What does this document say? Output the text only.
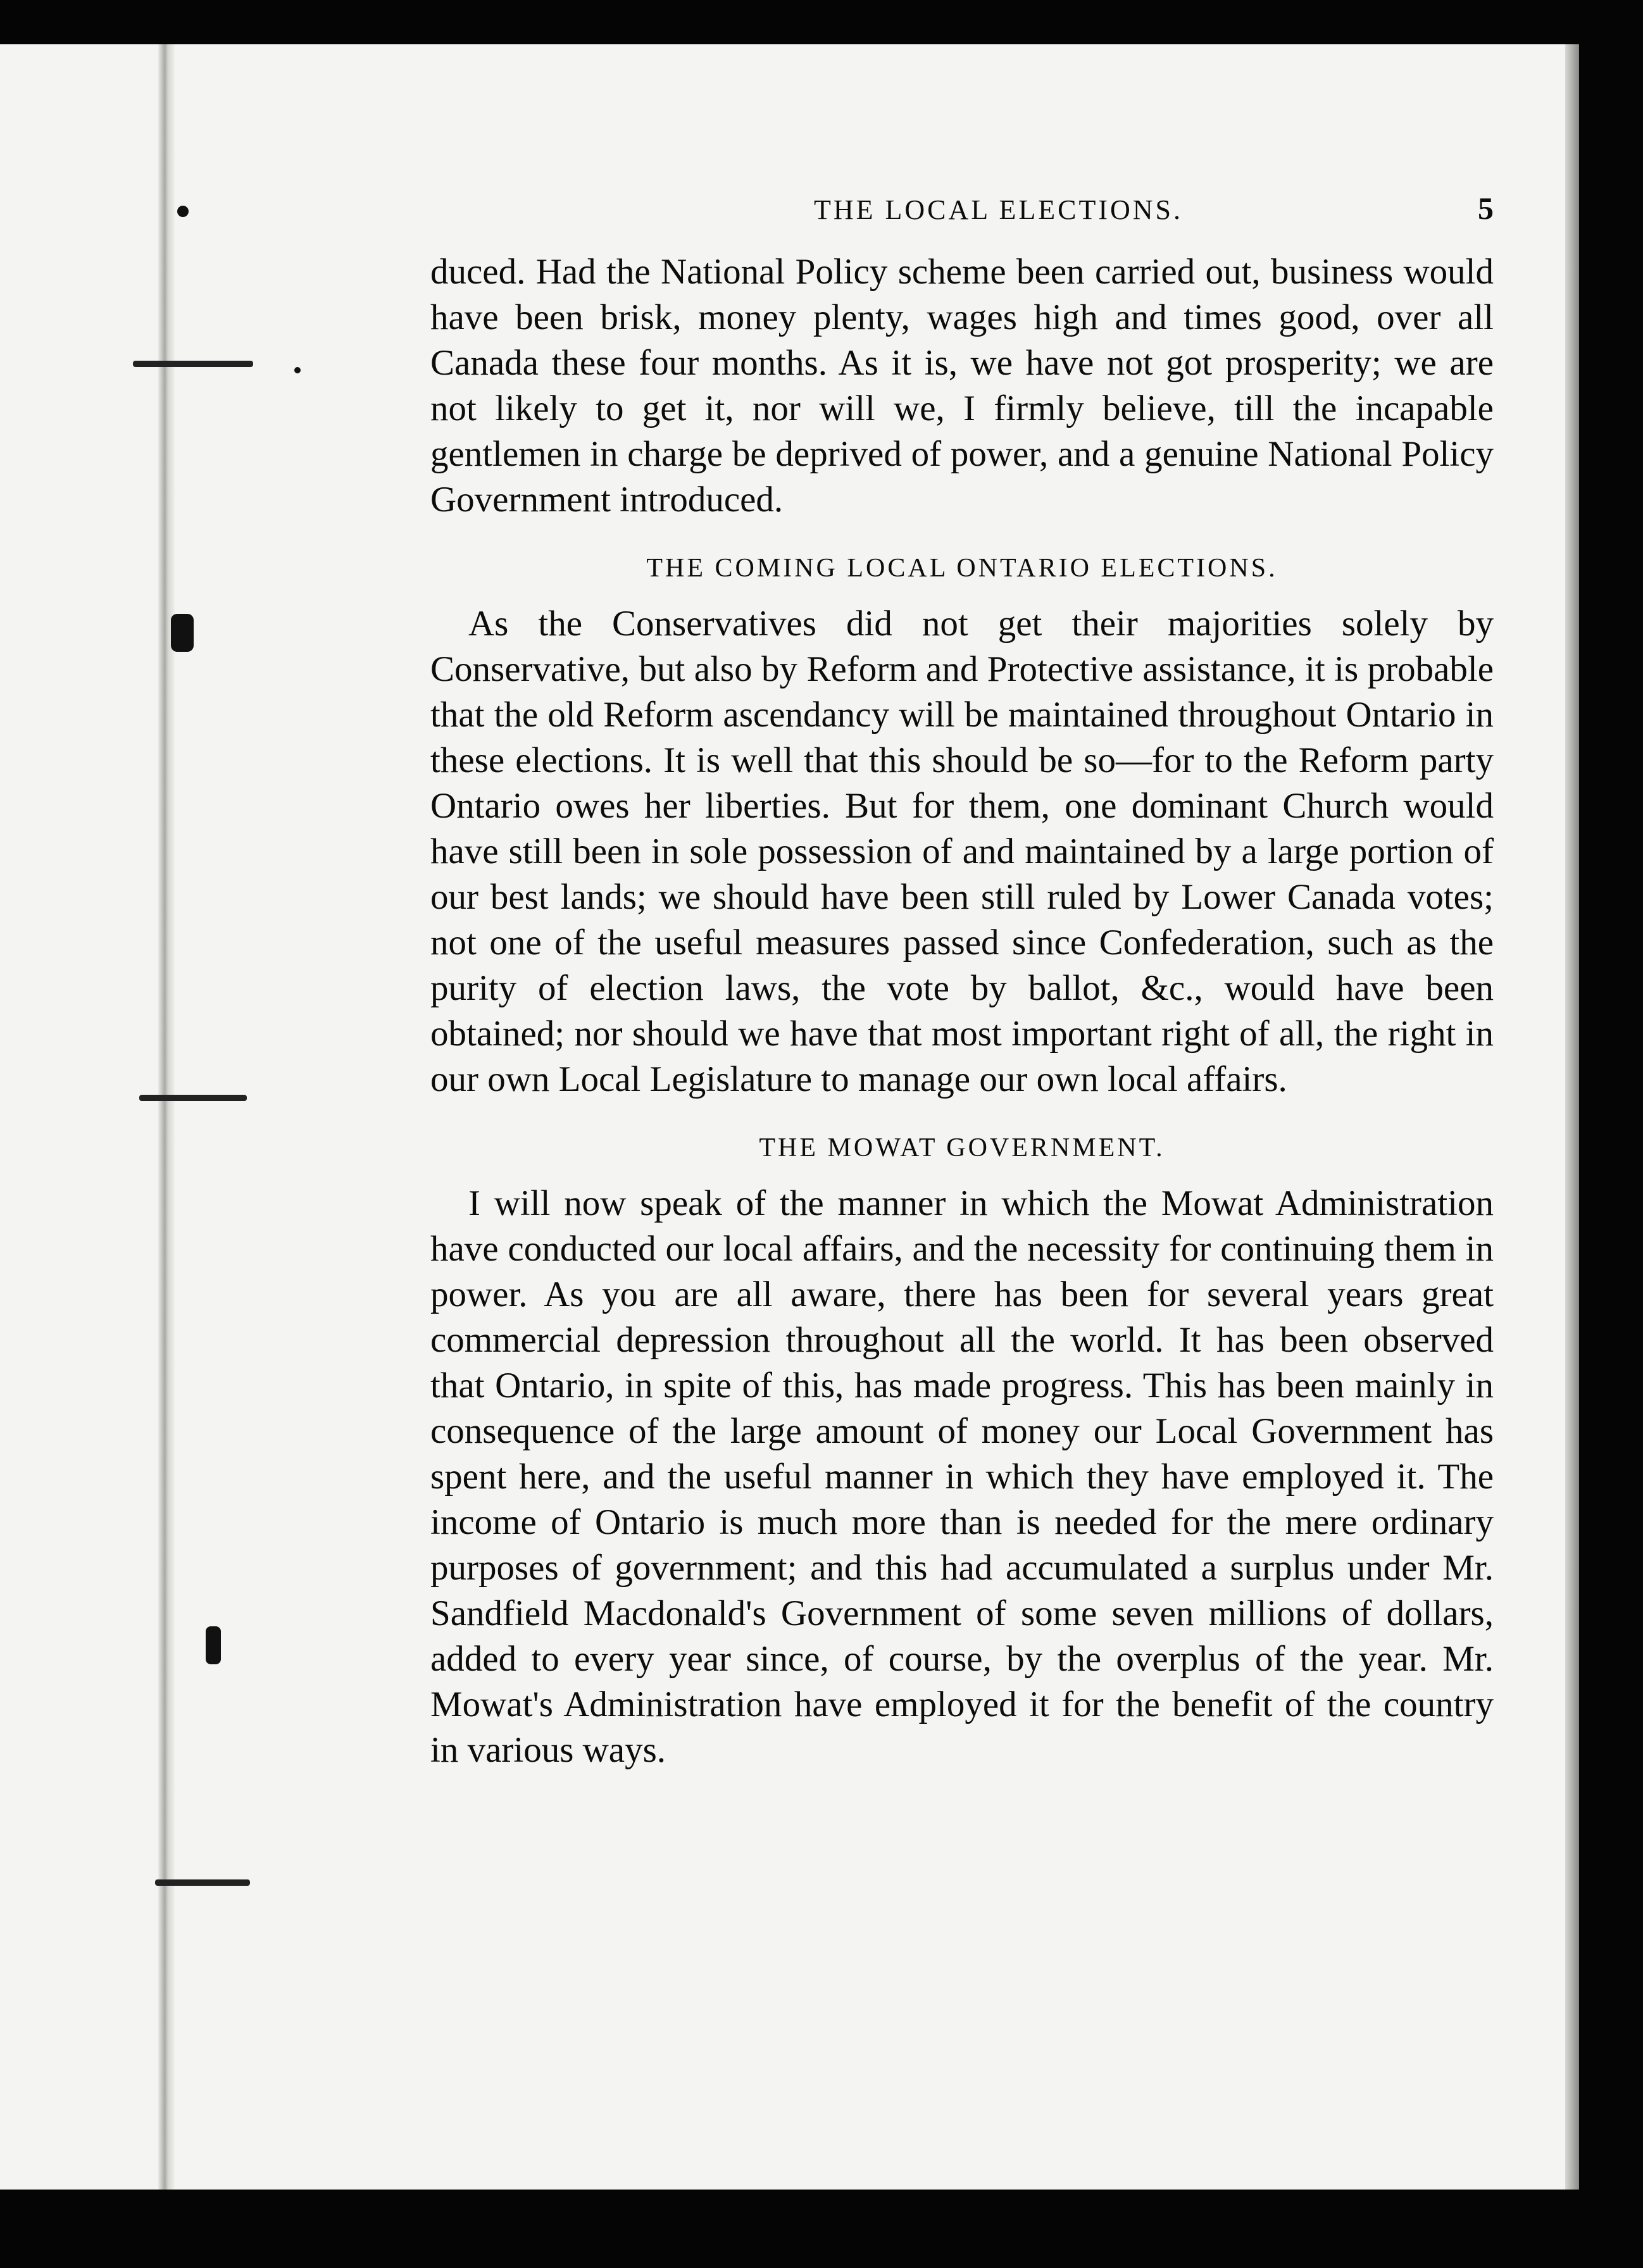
THE LOCAL ELECTIONS.	5

duced. Had the National Policy scheme been carried out, business would have been brisk, money plenty, wages high and times good, over all Canada these four months. As it is, we have not got prosperity; we are not likely to get it, nor will we, I firmly believe, till the incapable gentlemen in charge be deprived of power, and a genuine National Policy Government introduced.

THE COMING LOCAL ONTARIO ELECTIONS.

As the Conservatives did not get their majorities solely by Conservative, but also by Reform and Protective assistance, it is probable that the old Reform ascendancy will be maintained throughout Ontario in these elections. It is well that this should be so—for to the Reform party Ontario owes her liberties. But for them, one dominant Church would have still been in sole possession of and maintained by a large portion of our best lands; we should have been still ruled by Lower Canada votes; not one of the useful measures passed since Confederation, such as the purity of election laws, the vote by ballot, &c., would have been obtained; nor should we have that most important right of all, the right in our own Local Legislature to manage our own local affairs.

THE MOWAT GOVERNMENT.

I will now speak of the manner in which the Mowat Administration have conducted our local affairs, and the necessity for continuing them in power. As you are all aware, there has been for several years great commercial depression throughout all the world. It has been observed that Ontario, in spite of this, has made progress. This has been mainly in consequence of the large amount of money our Local Government has spent here, and the useful manner in which they have employed it. The income of Ontario is much more than is needed for the mere ordinary purposes of government; and this had accumulated a surplus under Mr. Sandfield Macdonald's Government of some seven millions of dollars, added to every year since, of course, by the overplus of the year. Mr. Mowat's Administration have employed it for the benefit of the country in various ways.
